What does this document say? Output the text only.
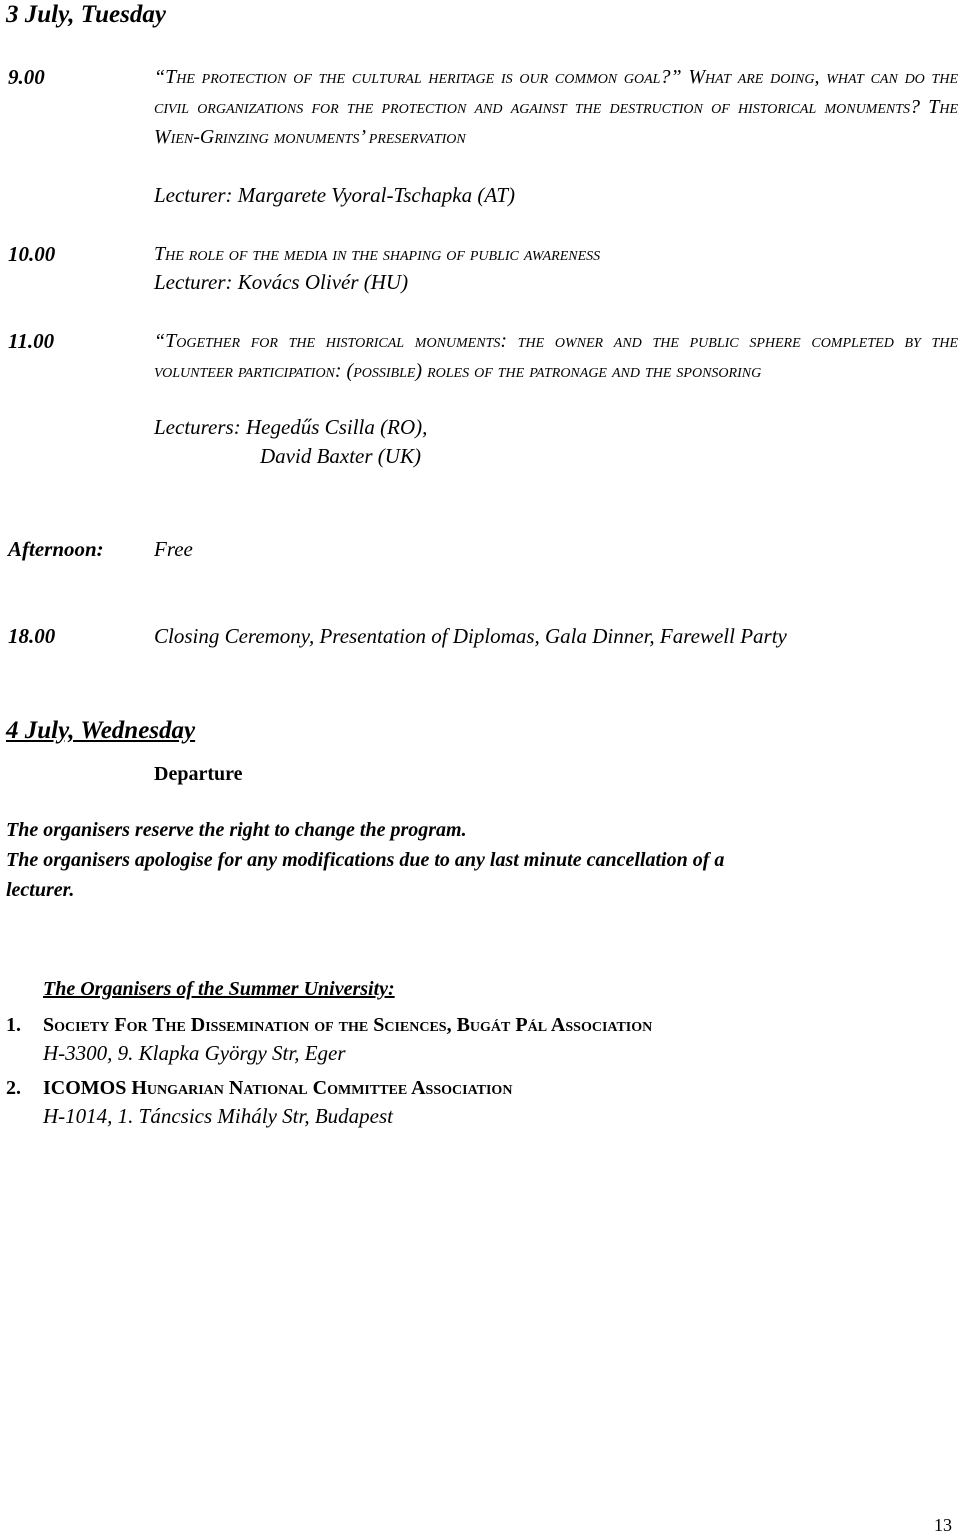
3 July, Tuesday
9.00	“The protection of the cultural heritage is our common goal?” What are doing, what can do the civil organizations for the protection and against the destruction of historical monuments? The Wien-Grinzing monuments’ preservation
Lecturer: Margarete Vyoral-Tschapka (AT)
10.00	The role of the media in the shaping of public awareness
Lecturer: Kovács Olivér (HU)
11.00	“Together for the historical monuments: the owner and the public sphere completed by the volunteer participation: (possible) roles of the patronage and the sponsoring
Lecturers: Hegedűs Csilla (RO),
David Baxter (UK)
Afternoon: Free
18.00	Closing Ceremony, Presentation of Diplomas, Gala Dinner, Farewell Party
4 July, Wednesday
Departure
The organisers reserve the right to change the program.
The organisers apologise for any modifications due to any last minute cancellation of a
lecturer.
The Organisers of the Summer University:
1. Society For The Dissemination of the Sciences, Bugát Pál Association
H-3300, 9. Klapka György Str, Eger
2. ICOMOS Hungarian National Committee Association
H-1014, 1. Táncsics Mihály Str, Budapest
13
